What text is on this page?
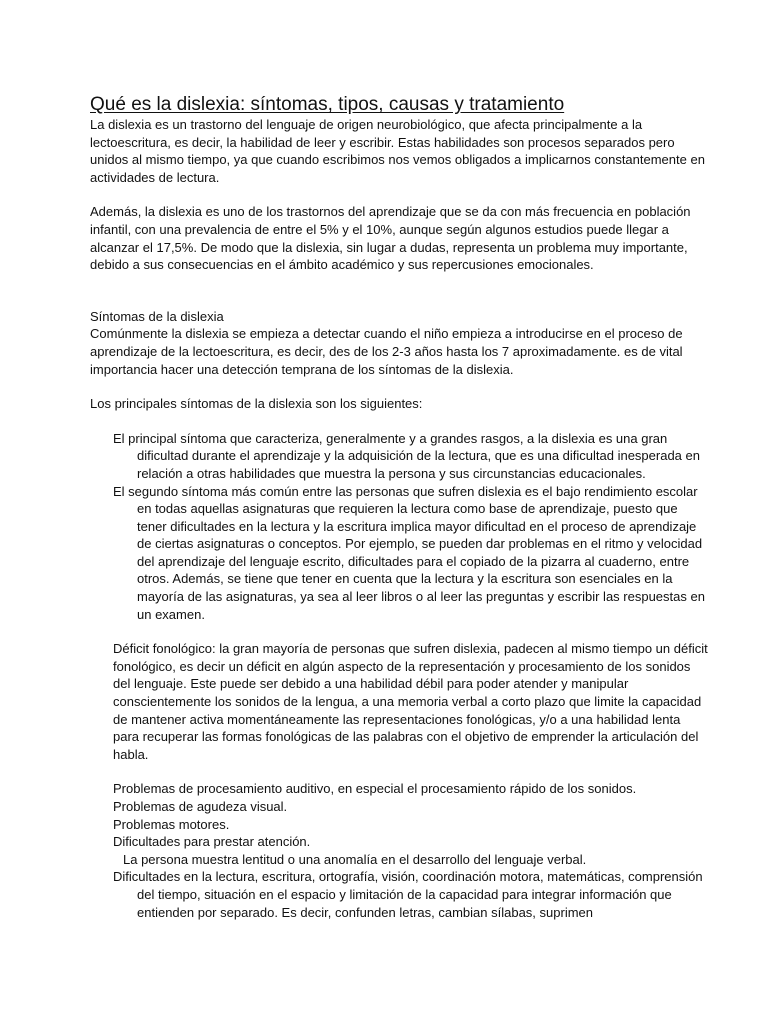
Qué es la dislexia: síntomas, tipos, causas y tratamiento

La dislexia es un trastorno del lenguaje de origen neurobiológico, que afecta principalmente a la lectoescritura, es decir, la habilidad de leer y escribir. Estas habilidades son procesos separados pero unidos al mismo tiempo, ya que cuando escribimos nos vemos obligados a implicarnos constantemente en actividades de lectura.

Además, la dislexia es uno de los trastornos del aprendizaje que se da con más frecuencia en población infantil, con una prevalencia de entre el 5% y el 10%, aunque según algunos estudios puede llegar a alcanzar el 17,5%. De modo que la dislexia, sin lugar a dudas, representa un problema muy importante, debido a sus consecuencias en el ámbito académico y sus repercusiones emocionales.

Síntomas de la dislexia

Comúnmente la dislexia se empieza a detectar cuando el niño empieza a introducirse en el proceso de aprendizaje de la lectoescritura, es decir, des de los 2-3 años hasta los 7 aproximadamente. es de vital importancia hacer una detección temprana de los síntomas de la dislexia.

Los principales síntomas de la dislexia son los siguientes:

El principal síntoma que caracteriza, generalmente y a grandes rasgos, a la dislexia es una gran dificultad durante el aprendizaje y la adquisición de la lectura, que es una dificultad inesperada en relación a otras habilidades que muestra la persona y sus circunstancias educacionales.

El segundo síntoma más común entre las personas que sufren dislexia es el bajo rendimiento escolar en todas aquellas asignaturas que requieren la lectura como base de aprendizaje, puesto que tener dificultades en la lectura y la escritura implica mayor dificultad en el proceso de aprendizaje de ciertas asignaturas o conceptos. Por ejemplo, se pueden dar problemas en el ritmo y velocidad del aprendizaje del lenguaje escrito, dificultades para el copiado de la pizarra al cuaderno, entre otros. Además, se tiene que tener en cuenta que la lectura y la escritura son esenciales en la mayoría de las asignaturas, ya sea al leer libros o al leer las preguntas y escribir las respuestas en un examen.

Déficit fonológico: la gran mayoría de personas que sufren dislexia, padecen al mismo tiempo un déficit fonológico, es decir un déficit en algún aspecto de la representación y procesamiento de los sonidos del lenguaje. Este puede ser debido a una habilidad débil para poder atender y manipular conscientemente los sonidos de la lengua, a una memoria verbal a corto plazo que limite la capacidad de mantener activa momentáneamente las representaciones fonológicas, y/o a una habilidad lenta para recuperar las formas fonológicas de las palabras con el objetivo de emprender la articulación del habla.

Problemas de procesamiento auditivo, en especial el procesamiento rápido de los sonidos.

Problemas de agudeza visual.

Problemas motores.

Dificultades para prestar atención.

La persona muestra lentitud o una anomalía en el desarrollo del lenguaje verbal.

Dificultades en la lectura, escritura, ortografía, visión, coordinación motora, matemáticas, comprensión del tiempo, situación en el espacio y limitación de la capacidad para integrar información que entienden por separado. Es decir, confunden letras, cambian sílabas, suprimen
